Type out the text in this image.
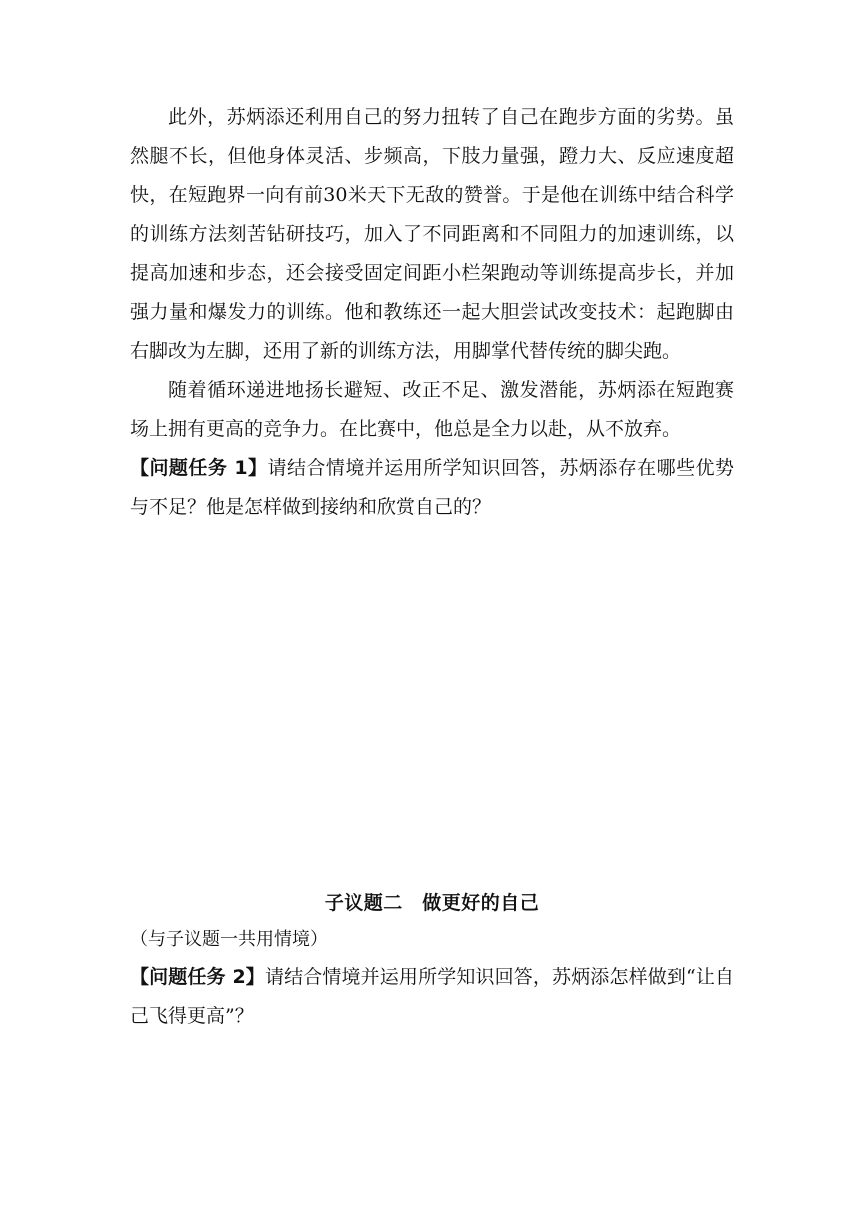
此外，苏炳添还利用自己的努力扭转了自己在跑步方面的劣势。虽然腿不长，但他身体灵活、步频高，下肢力量强，蹬力大、反应速度超快，在短跑界一向有前30米天下无敌的赞誉。于是他在训练中结合科学的训练方法刻苦钻研技巧，加入了不同距离和不同阻力的加速训练，以提高加速和步态，还会接受固定间距小栏架跑动等训练提高步长，并加强力量和爆发力的训练。他和教练还一起大胆尝试改变技术：起跑脚由右脚改为左脚，还用了新的训练方法，用脚掌代替传统的脚尖跑。

随着循环递进地扬长避短、改正不足、激发潜能，苏炳添在短跑赛场上拥有更高的竞争力。在比赛中，他总是全力以赴，从不放弃。

【问题任务 1】请结合情境并运用所学知识回答，苏炳添存在哪些优势与不足？他是怎样做到接纳和欣赏自己的？

子议题二　做更好的自己

（与子议题一共用情境）

【问题任务 2】请结合情境并运用所学知识回答，苏炳添怎样做到“让自己飞得更高”？
